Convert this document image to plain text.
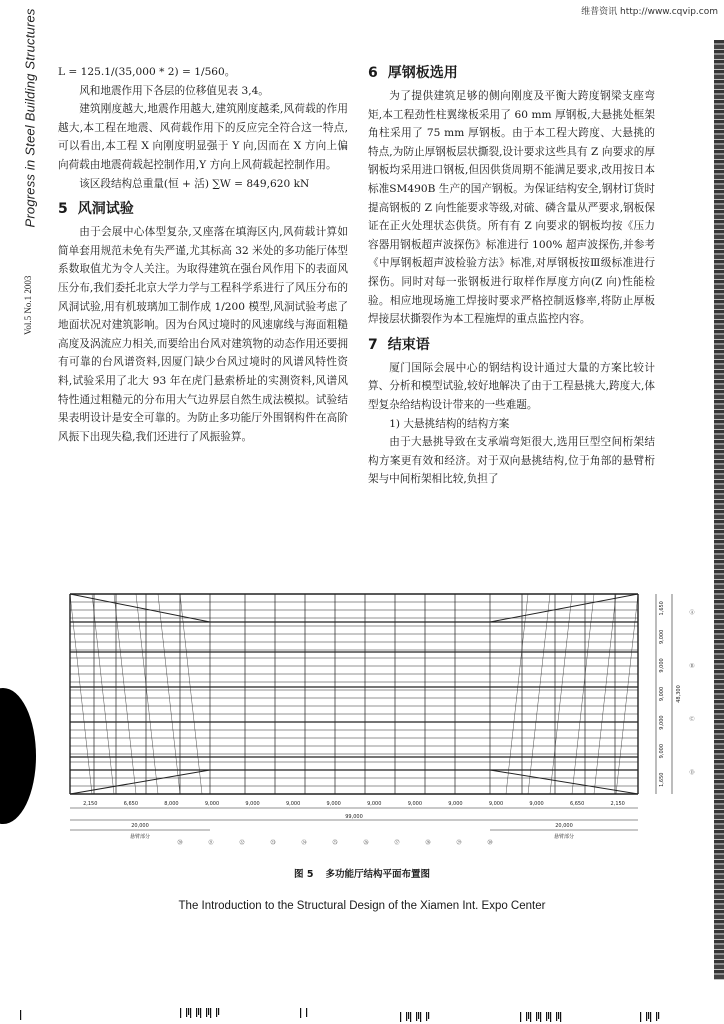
维普资讯 http://www.cqvip.com
Progress in Steel Building Structures
Vol.5 No.1 2003

L = 125.1/(35,000 * 2) = 1/560。

风和地震作用下各层的位移值见表 3,4。

建筑刚度越大,地震作用越大,建筑刚度越柔,风荷载的作用越大,本工程在地震、风荷载作用下的反应完全符合这一特点,可以看出,本工程 X 向刚度明显强于 Y 向,因而在 X 方向上偏向荷载由地震荷载起控制作用,Y 方向上风荷载起控制作用。

该区段结构总重量(恒 + 活) ∑W = 849,620 kN

5 风洞试验

由于会展中心体型复杂,又座落在填海区内,风荷载计算如简单套用规范未免有失严谨,尤其标高 32 米处的多功能厅体型系数取值尤为令人关注。为取得建筑在强台风作用下的表面风压分布,我们委托北京大学力学与工程科学系进行了风压分布的风洞试验,用有机玻璃加工制作成 1/200 模型,风洞试验考虑了地面状况对建筑影响。因为台风过境时的风速廓线与海面粗糙高度及涡流应力相关,而要给出台风对建筑物的动态作用还要拥有可靠的台风谱资料,因厦门缺少台风过境时的风谱风特性资料,试验采用了北大 93 年在虎门悬索桥址的实测资料,风谱风特性通过粗糙元的分布用大气边界层自然生成法模拟。试验结果表明设计是安全可靠的。为防止多功能厅外围钢构件在高阶风振下出现失稳,我们还进行了风振验算。

6 厚钢板选用

为了提供建筑足够的侧向刚度及平衡大跨度钢梁支座弯矩,本工程劲性柱翼缘板采用了 60 mm 厚钢板,大悬挑处框架角柱采用了 75 mm 厚钢板。由于本工程大跨度、大悬挑的特点,为防止厚钢板层状撕裂,设计要求这些具有 Z 向要求的厚钢板均采用进口钢板,但因供货周期不能满足要求,改用按日本标准SM490B 生产的国产钢板。为保证结构安全,钢材订货时提高钢板的 Z 向性能要求等级,对硫、磷含量从严要求,钢板保证在正火处理状态供货。所有有 Z 向要求的钢板均按《压力容器用钢板超声波探伤》标准进行 100% 超声波探伤,并参考《中厚钢板超声波检验方法》标准,对厚钢板按Ⅲ级标准进行探伤。同时对每一张钢板进行取样作厚度方向(Z 向)性能检验。相应地现场施工焊接时要求严格控制返修率,将防止厚板焊接层状撕裂作为本工程施焊的重点监控内容。

7 结束语

厦门国际会展中心的钢结构设计通过大量的方案比较计算、分析和模型试验,较好地解决了由于工程悬挑大,跨度大,体型复杂给结构设计带来的一些难题。

1) 大悬挑结构的结构方案

由于大悬挑导致在支承端弯矩很大,选用巨型空间桁架结构方案更有效和经济。对于双向悬挑结构,位于角部的悬臂桁架与中间桁架相比较,负担了

2,150	6,650	8,000	9,000	9,000	9,000	9,000	9,000	9,000	9,000	9,000	9,000	6,650	2,150
99,000
20,000	20,000
悬臂部分	悬臂部分
⑳	㉑	㉒	㉓	㉔	㉕	㉖	㉗	㉘	㉙	㉚
1,650
9,000
9,000
9,000
9,000
9,000
1,650
48,300
Ⓐ
Ⓑ
Ⓒ
Ⓓ
图 5 多功能厅结构平面布置图
The Introduction to the Structural Design of the Xiamen Int. Expo Center
